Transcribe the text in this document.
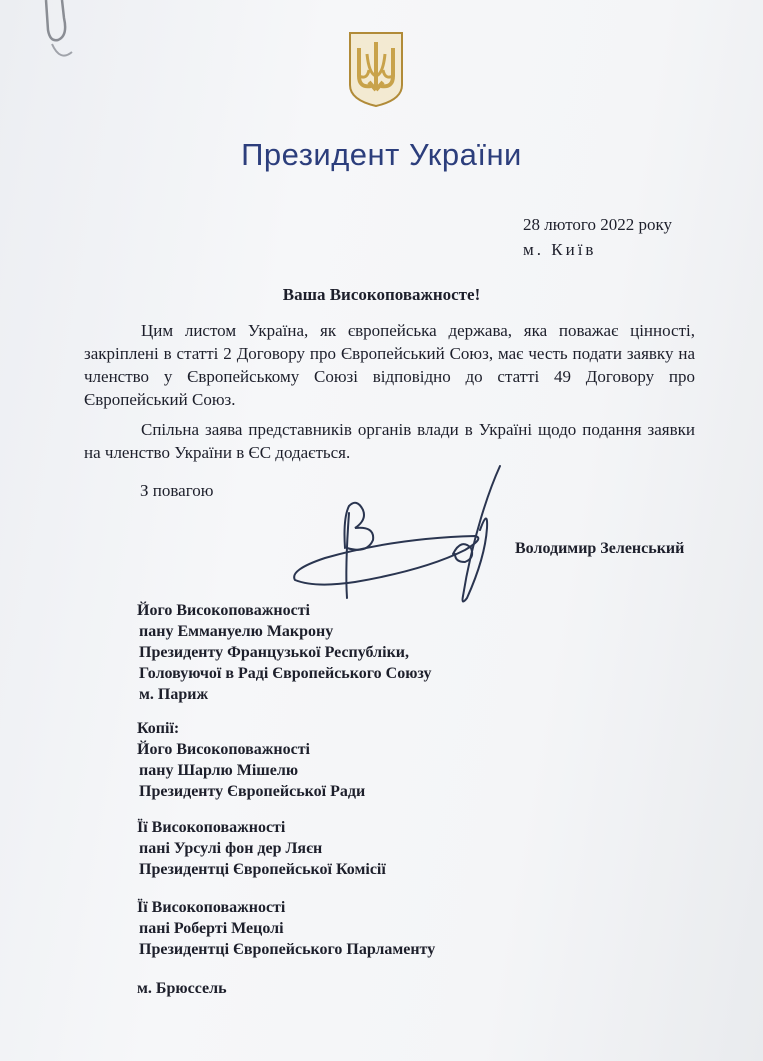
Президент України
28 лютого 2022 року
м. Київ
Ваша Високоповажносте!

Цим листом Україна, як європейська держава, яка поважає цінності, закріплені в статті 2 Договору про Європейський Союз, має честь подати заявку на членство у Європейському Союзі відповідно до статті 49 Договору про Європейський Союз.

Спільна заява представників органів влади в Україні щодо подання заявки на членство України в ЄС додається.

З повагою
Володимир Зеленський
Його Високоповажності
пану Еммануелю Макрону
Президенту Французької Республіки,
Головуючої в Раді Європейського Союзу
м. Париж
Копії:
Його Високоповажності
пану Шарлю Мішелю
Президенту Європейської Ради
Її Високоповажності
пані Урсулі фон дер Ляєн
Президентці Європейської Комісії
Її Високоповажності
пані Роберті Мецолі
Президентці Європейського Парламенту
м. Брюссель
